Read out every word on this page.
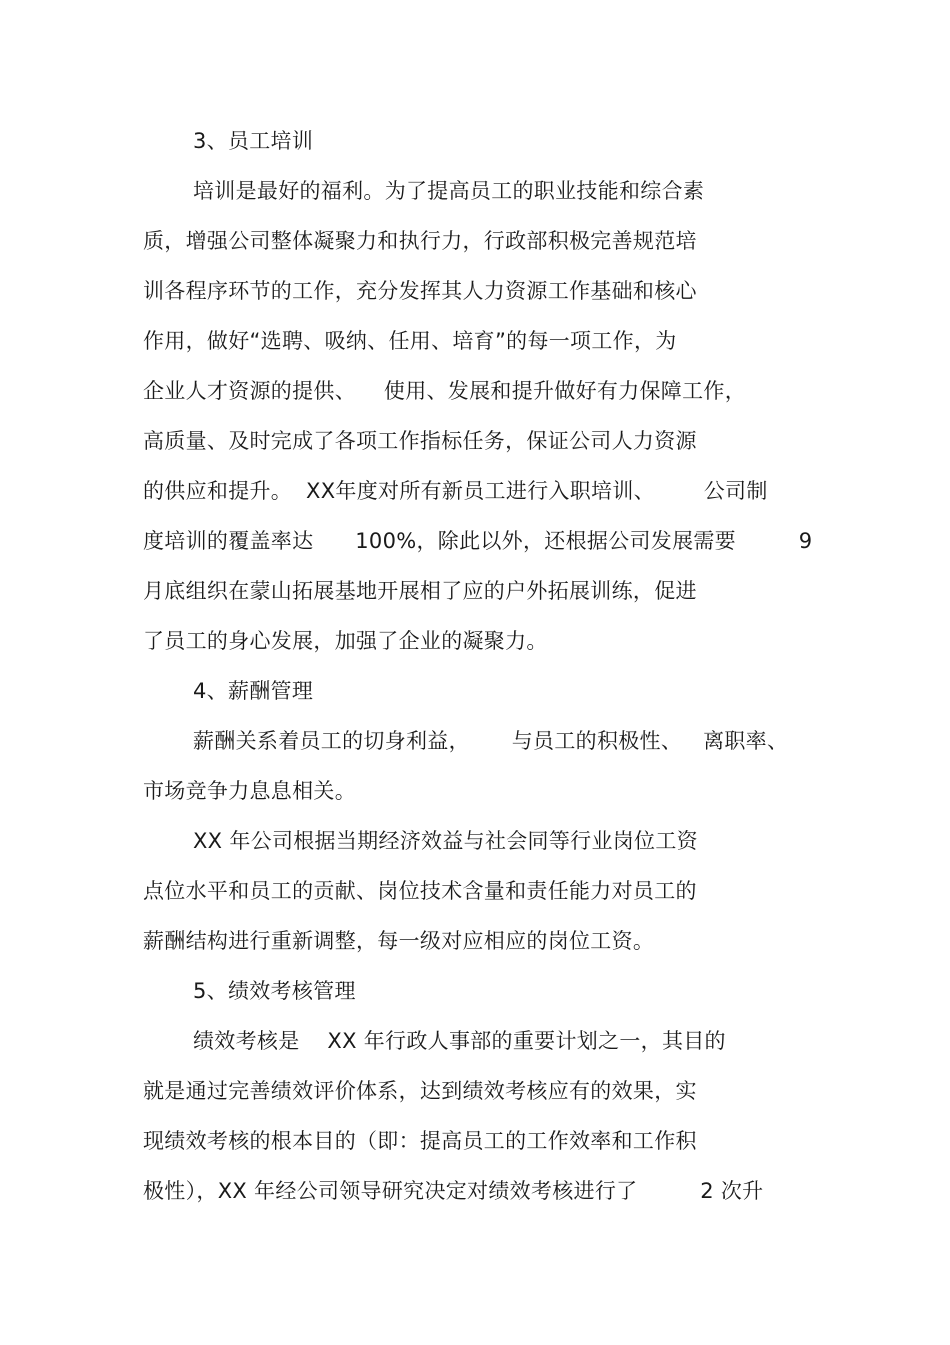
3、员工培训
培训是最好的福利。为了提高员工的职业技能和综合素
质，增强公司整体凝聚力和执行力，行政部积极完善规范培
训各程序环节的工作，充分发挥其人力资源工作基础和核心
作用，做好“选聘、吸纳、任用、培育”的每一项工作，为
企业人才资源的提供、    使用、发展和提升做好有力保障工作，
高质量、及时完成了各项工作指标任务，保证公司人力资源
的供应和提升。  XX年度对所有新员工进行入职培训、       公司制
度培训的覆盖率达      100%，除此以外，还根据公司发展需要         9
月底组织在蒙山拓展基地开展相了应的户外拓展训练，促进
了员工的身心发展，加强了企业的凝聚力。
4、薪酬管理
薪酬关系着员工的切身利益，      与员工的积极性、   离职率、
市场竞争力息息相关。
XX 年公司根据当期经济效益与社会同等行业岗位工资
点位水平和员工的贡献、岗位技术含量和责任能力对员工的
薪酬结构进行重新调整，每一级对应相应的岗位工资。
5、绩效考核管理
绩效考核是    XX 年行政人事部的重要计划之一，其目的
就是通过完善绩效评价体系，达到绩效考核应有的效果，实
现绩效考核的根本目的（即：提高员工的工作效率和工作积
极性），XX 年经公司领导研究决定对绩效考核进行了         2 次升
